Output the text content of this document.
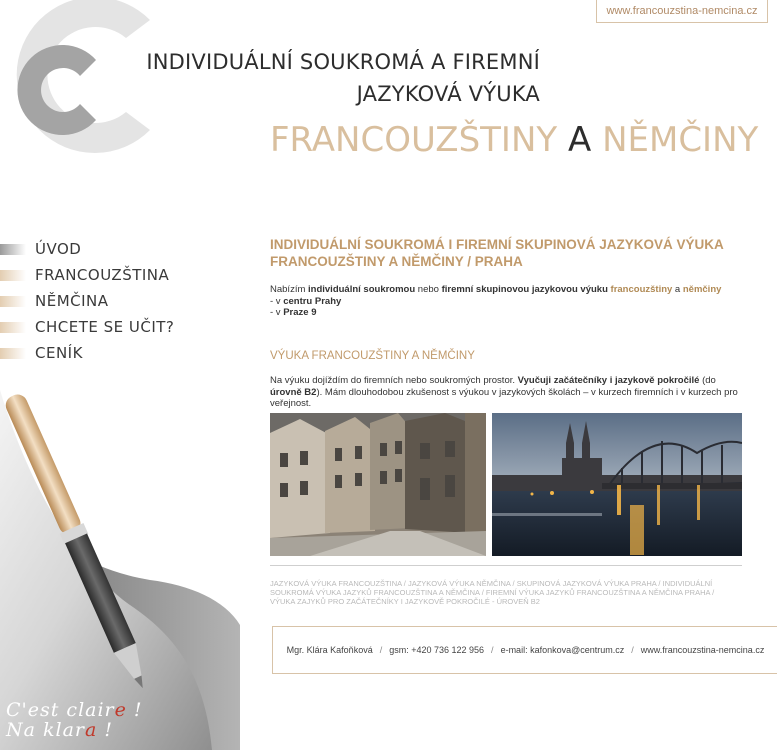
www.francouzstina-nemcina.cz
INDIVIDUÁLNÍ SOUKROMÁ A FIREMNÍ
JAZYKOVÁ VÝUKA
FRANCOUZŠTINY A NĚMČINY
ÚVOD
FRANCOUZŠTINA
NĚMČINA
CHCETE SE UČIT?
CENÍK
INDIVIDUÁLNÍ SOUKROMÁ I FIREMNÍ SKUPINOVÁ JAZYKOVÁ VÝUKA FRANCOUZŠTINY A NĚMČINY / PRAHA
Nabízím individuální soukromou nebo firemní skupinovou jazykovou výuku francouzštiny a němčiny
- v centru Prahy
- v Praze 9
VÝUKA FRANCOUZŠTINY A NĚMČINY
Na výuku dojíždím do firemních nebo soukromých prostor. Vyučuji začátečníky i jazykově pokročilé (do úrovně B2). Mám dlouhodobou zkušenost s výukou v jazykových školách – v kurzech firemních i v kurzech pro veřejnost.
JAZYKOVÁ VÝUKA FRANCOUZŠTINA / JAZYKOVÁ VÝUKA NĚMČINA / SKUPINOVÁ JAZYKOVÁ VÝUKA PRAHA / INDIVIDUÁLNÍ SOUKROMÁ VÝUKA JAZYKŮ FRANCOUZŠTINA A NĚMČINA / FIREMNÍ VÝUKA JAZYKŮ FRANCOUZŠTINA A NĚMČINA PRAHA / VÝUKA ZAJYKŮ PRO ZAČÁTEČNÍKY I JAZYKOVĚ POKROČILÉ - ÚROVEŇ B2
Mgr. Klára Kafoňková / gsm: +420 736 122 956 / e-mail: kafonkova@centrum.cz / www.francouzstina-nemcina.cz
C'est claire !
Na klara !
